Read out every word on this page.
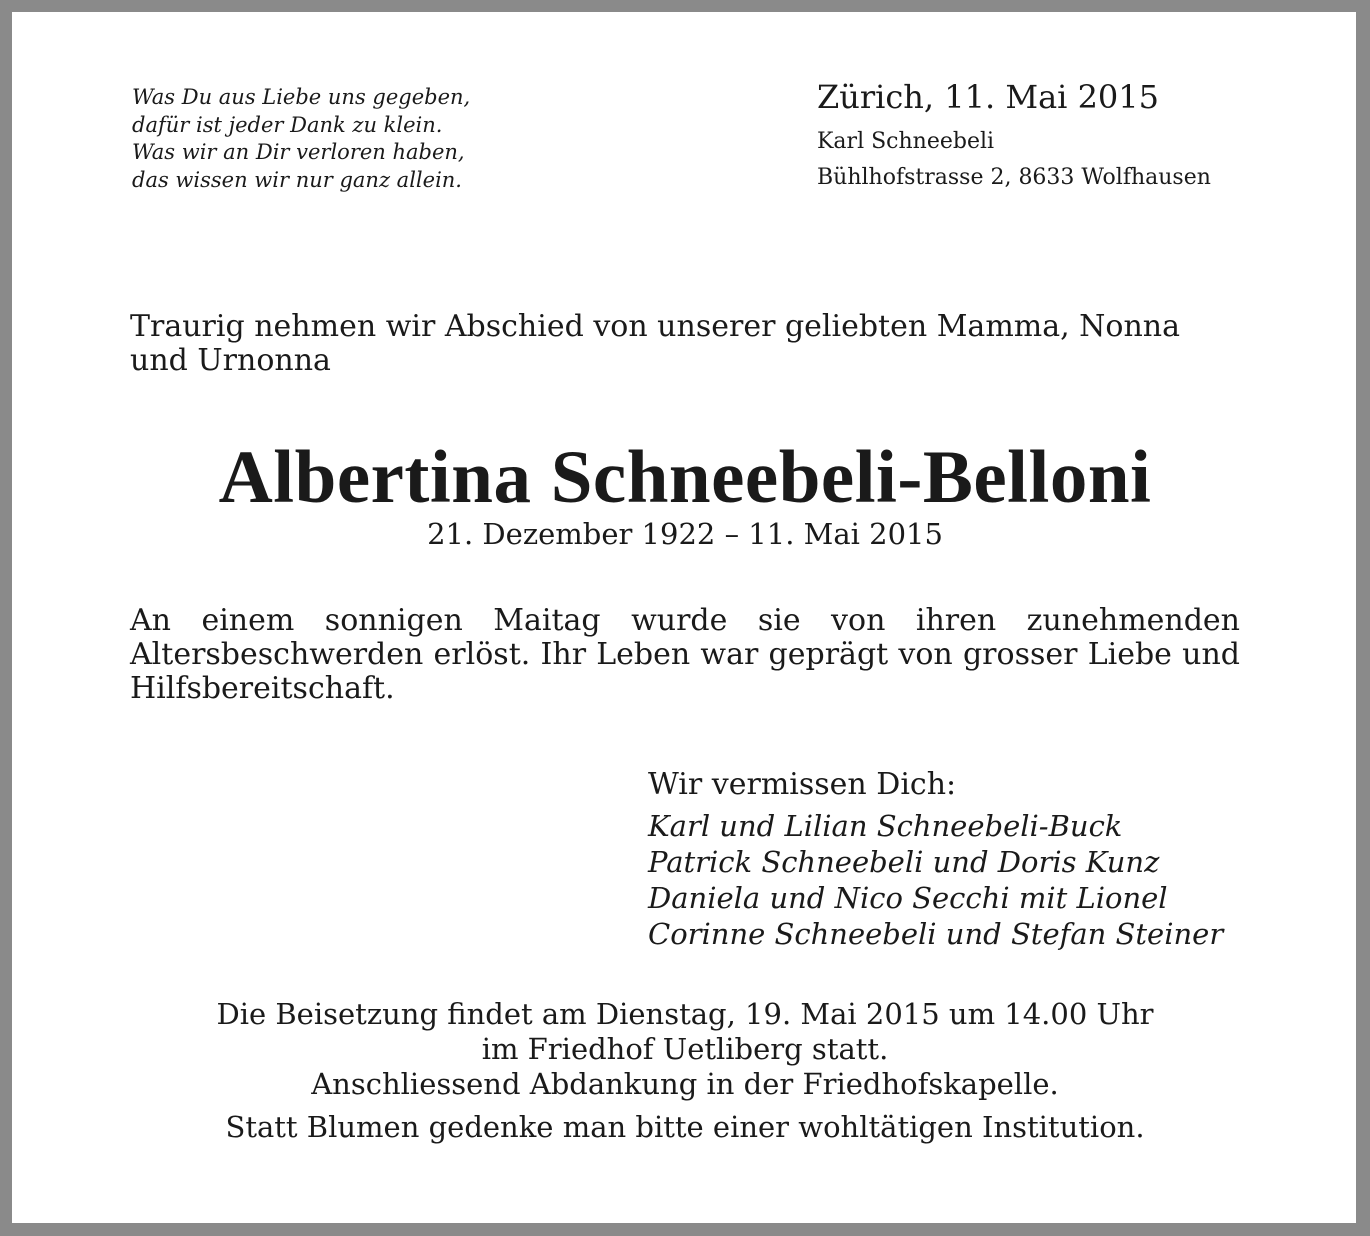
Was Du aus Liebe uns gegeben,
dafür ist jeder Dank zu klein.
Was wir an Dir verloren haben,
das wissen wir nur ganz allein.
Zürich, 11. Mai 2015
Karl Schneebeli
Bühlhofstrasse 2, 8633 Wolfhausen

Traurig nehmen wir Abschied von unserer geliebten Mamma, Nonna und Urnonna

Albertina Schneebeli-Belloni
21. Dezember 1922 – 11. Mai 2015

An einem sonnigen Maitag wurde sie von ihren zunehmenden Altersbeschwerden erlöst. Ihr Leben war geprägt von grosser Liebe und Hilfsbereitschaft.

Wir vermissen Dich:
Karl und Lilian Schneebeli-Buck
Patrick Schneebeli und Doris Kunz
Daniela und Nico Secchi mit Lionel
Corinne Schneebeli und Stefan Steiner
Die Beisetzung findet am Dienstag, 19. Mai 2015 um 14.00 Uhr
im Friedhof Uetliberg statt.
Anschliessend Abdankung in der Friedhofskapelle.
Statt Blumen gedenke man bitte einer wohltätigen Institution.
